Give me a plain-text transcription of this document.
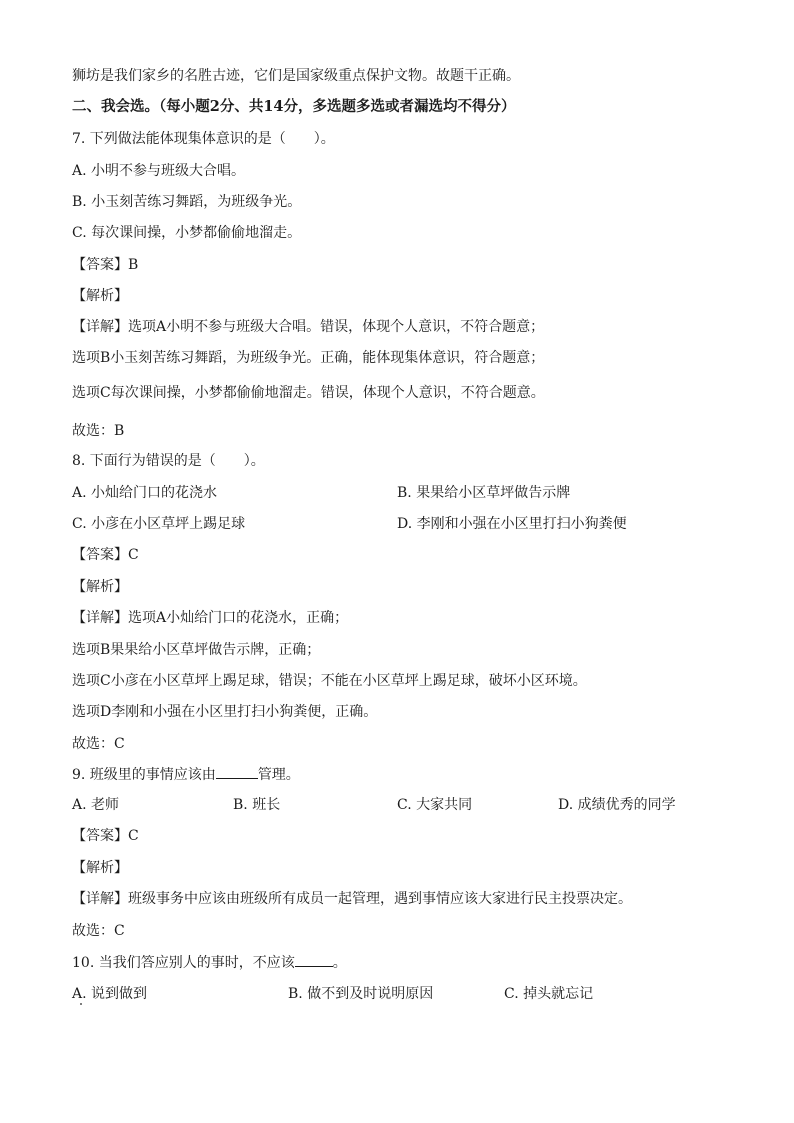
狮坊是我们家乡的名胜古迹，它们是国家级重点保护文物。故题干正确。
二、我会选。（每小题2分、共14分，多选题多选或者漏选均不得分）
7. 下列做法能体现集体意识的是（　　）。
A. 小明不参与班级大合唱。
B. 小玉刻苦练习舞蹈，为班级争光。
C. 每次课间操，小梦都偷偷地溜走。
【答案】B
【解析】
【详解】选项A小明不参与班级大合唱。错误，体现个人意识，不符合题意；
选项B小玉刻苦练习舞蹈，为班级争光。正确，能体现集体意识，符合题意；
选项C每次课间操，小梦都偷偷地溜走。错误，体现个人意识，不符合题意。
故选：B
8. 下面行为错误的是（　　）。
A. 小灿给门口的花浇水	B. 果果给小区草坪做告示牌
C. 小彦在小区草坪上踢足球	D. 李刚和小强在小区里打扫小狗粪便
【答案】C
【解析】
【详解】选项A小灿给门口的花浇水，正确；
选项B果果给小区草坪做告示牌，正确；
选项C小彦在小区草坪上踢足球，错误；不能在小区草坪上踢足球，破坏小区环境。
选项D李刚和小强在小区里打扫小狗粪便，正确。
故选：C
9. 班级里的事情应该由	管理。
A. 老师	B. 班长	C. 大家共同	D. 成绩优秀的同学
【答案】C
【解析】
【详解】班级事务中应该由班级所有成员一起管理，遇到事情应该大家进行民主投票决定。
故选：C
10. 当我们答应别人的事时，不应该	。
A. 说到做到	B. 做不到及时说明原因	C. 掉头就忘记
